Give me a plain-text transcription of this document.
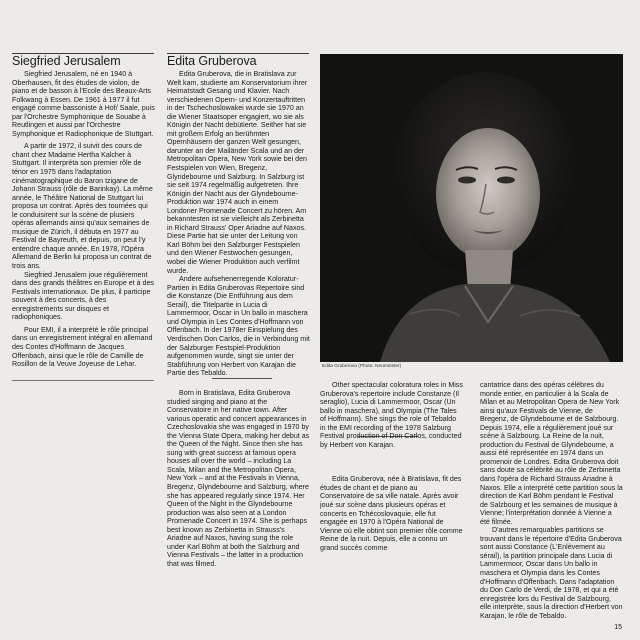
Siegfried Jerusalem

Siegfried Jerusalem, né en 1940 à Oberhausen, fit des études de violon, de piano et de basson à l'Ecole des Beaux-Arts Folkwang à Essen. De 1961 à 1977 il fut engagé comme bassoniste à Hof/ Saale, puis par l'Orchestre Symphonique de Souabe à Reutlingen et aussi par l'Orchestre Symphonique et Radiophonique de Stuttgart.

A partir de 1972, il suivit des cours de chant chez Madame Hertha Kalcher à Stuttgart. Il interpréta son premier rôle de ténor en 1975 dans l'adaptation cinématographique du Baron tzigane de Johann Strauss (rôle de Barinkay). La même année, le Théâtre National de Stuttgart lui proposa un contrat. Après des tournées qui le conduisirent sur la scène de plusiers opéras allemands ainsi qu'aux semaines de musique de Zürich, il débuta en 1977 au Festival de Bayreuth, et depuis, on peut l'y entendre chaque année. En 1978, l'Opéra Allemand de Berlin lui proposa un contrat de trois ans.

Siegfried Jerusalem joue régulièrement dans des grands théâtres en Europe et à des Festivals internationaux. De plus, il participe souvent à des concerts, à des enregistrements sur disques et radiophoniques.

Pour EMI, il a interprété le rôle principal dans un enregistrement intégral en allemand des Contes d'Hoffmann de Jacques Offenbach, ainsi que le rôle de Camille de Rosillon de la Veuve Joyeuse de Lehar.

Edita Gruberova

Edita Gruberova, die in Bratislava zur Welt kam, studierte am Konservatorium ihrer Heimatstadt Gesang und Klavier. Nach verschiedenen Opern- und Konzertauftritten in der Tschechoslowakei wurde sie 1970 an die Wiener Staatsoper engagiert, wo sie als Königin der Nacht debütierte. Seither hat sie mit großem Erfolg an berühmten Opernhäusern der ganzen Welt gesungen, darunter an der Mailänder Scala und an der Metropolitan Opera, New York sowie bei den Festspielen von Wien, Bregenz, Glyndebourne und Salzburg. In Salzburg ist sie seit 1974 regelmäßig aufgetreten. Ihre Königin der Nacht aus der Glyndebourne-Produktion war 1974 auch in einem Londoner Promenade Concert zu hören. Am bekanntesten ist sie vielleicht als Zerbinetta in Richard Strauss' Oper Ariadne auf Naxos. Diese Partie hat sie unter der Leitung von Karl Böhm bei den Salzburger Festspielen und den Wiener Festwochen gesungen, wobei die Wiener Produktion auch verfilmt wurde.

Andere aufsehenerregende Koloratur-Partien in Edita Gruberovas Repertoire sind die Konstanze (Die Entführung aus dem Serail), die Titelpartie in Lucia di Lammermoor, Oscar in Un ballo in maschera und Olympia in Les Contes d'Hoffmann von Offenbach. In der 1978er Einspielung des Verdischen Don Carlos, die in Verbindung mit der Salzburger Festspiel-Produktion aufgenommen wurde, singt sie unter der Stabführung von Herbert von Karajan die Partie des Tebaldo.

Edita Gruberova (Photo: Neumeister)

Born in Bratislava, Edita Gruberova studied singing and piano at the Conservatoire in her native town. After various operatic and concert appearances in Czechoslovakia she was engaged in 1970 by the Vienna State Opera, making her debut as the Queen of the Night. Since then she has sung with great success at famous opera houses all over the world – including La Scala, Milan and the Metropolitan Opera, New York – and at the Festivals in Vienna, Bregenz, Glyndebourne and Salzburg, where she has appeared regularly since 1974. Her Queen of the Night in the Glyndebourne production was also seen at a London Promenade Concert in 1974. She is perhaps best known as Zerbinetta in Strauss's Ariadne auf Naxos, having sung the role under Karl Böhm at both the Salzburg and Vienna Festivals – the latter in a production that was filmed.

Other spectacular coloratura roles in Miss Gruberova's repertoire include Constanze (Il seraglio), Lucia di Lammermoor, Oscar (Un ballo in maschera), and Olympia (The Tales of Hoffmann). She sings the role of Tebaldo in the EMI recording of the 1978 Salzburg Festival production of Don Carlos, conducted by Herbert von Karajan.

Edita Gruberova, née à Bratislava, fit des études de chant et de piano au Conservatoire de sa ville natale. Après avoir joué sur scène dans plusieurs opéras et concerts en Tchécoslovaquie, elle fut engagée en 1970 à l'Opéra National de Vienne où elle obtint son premier rôle comme Reine de la nuit. Depuis, elle a connu un grand succès comme

cantatrice dans des opéras célèbres du monde entier, en particulier à la Scala de Milan et au Metropolitan Opera de New York ainsi qu'aux Festivals de Vienne, de Bregenz, de Glyndebourne et de Salzbourg. Depuis 1974, elle a régulièrement joué sur scène à Salzbourg. La Reine de la nuit, production du Festival de Glyndebourne, a aussi été représentée en 1974 dans un promenoir de Londres. Edita Gruberova doit sans doute sa célébrité au rôle de Zerbinetta dans l'opéra de Richard Strauss Ariadne à Naxos. Elle a interprété cette partition sous la direction de Karl Böhm pendant le Festival de Salzbourg et les semaines de musique à Vienne; l'interprétation donnée à Vienne a été filmée.

D'autres remarquables partitions se trouvant dans le répertoire d'Edita Gruberova sont aussi Constance (L'Enlèvement au sérail), la partition principale dans Lucia di Lammermoor, Oscar dans Un ballo in maschera et Olympia dans les Contes d'Hoffmann d'Offenbach. Dans l'adaptation du Don Carlo de Verdi, de 1978, et qui a été enregistrée lors du Festival de Salzbourg, elle interprète, sous la direction d'Herbert von Karajan, le rôle de Tebaldo.

15
